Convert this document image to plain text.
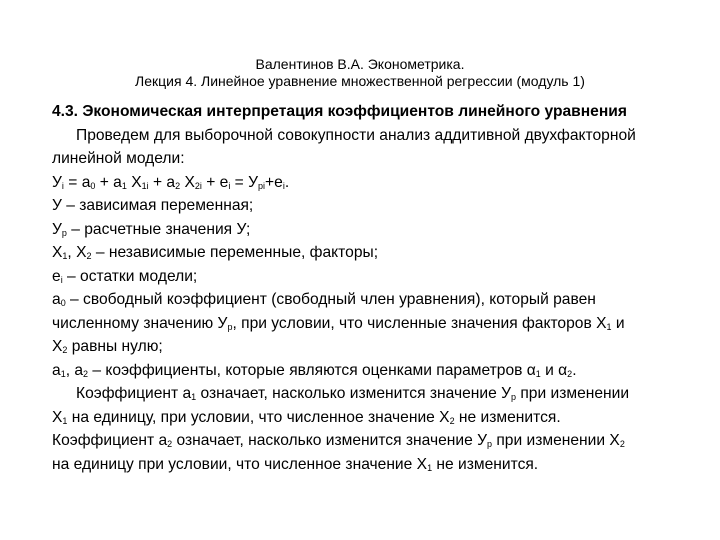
Валентинов В.А. Эконометрика.
Лекция 4. Линейное уравнение множественной регрессии (модуль 1)
4.3. Экономическая интерпретация коэффициентов линейного уравнения
Проведем для выборочной совокупности анализ аддитивной двухфакторной
линейной модели:
$У_i = а_0 + а_1$ $Х_{1i} + а_2$ $Х_{2i} + е_i = У_{pi}+е_i$.
У – зависимая переменная;
$У_р$ – расчетные значения У;
$Х_1$, $Х_2$ – независимые переменные, факторы;
$е_i$ – остатки модели;
$а_0$ – свободный коэффициент (свободный член уравнения), который равен
численному значению $У_р$, при условии, что численные значения факторов $Х_1$ и
$Х_2$ равны нулю;
$а_1$, $а_2$ – коэффициенты, которые являются оценками параметров $\alpha_1$ и $\alpha_2$.
Коэффициент $а_1$ означает, насколько изменится значение $У_р$ при изменении
$Х_1$ на единицу, при условии, что численное значение $Х_2$ не изменится.
Коэффициент $а_2$ означает, насколько изменится значение $У_р$ при изменении $Х_2$
на единицу при условии, что численное значение $Х_1$ не изменится.
